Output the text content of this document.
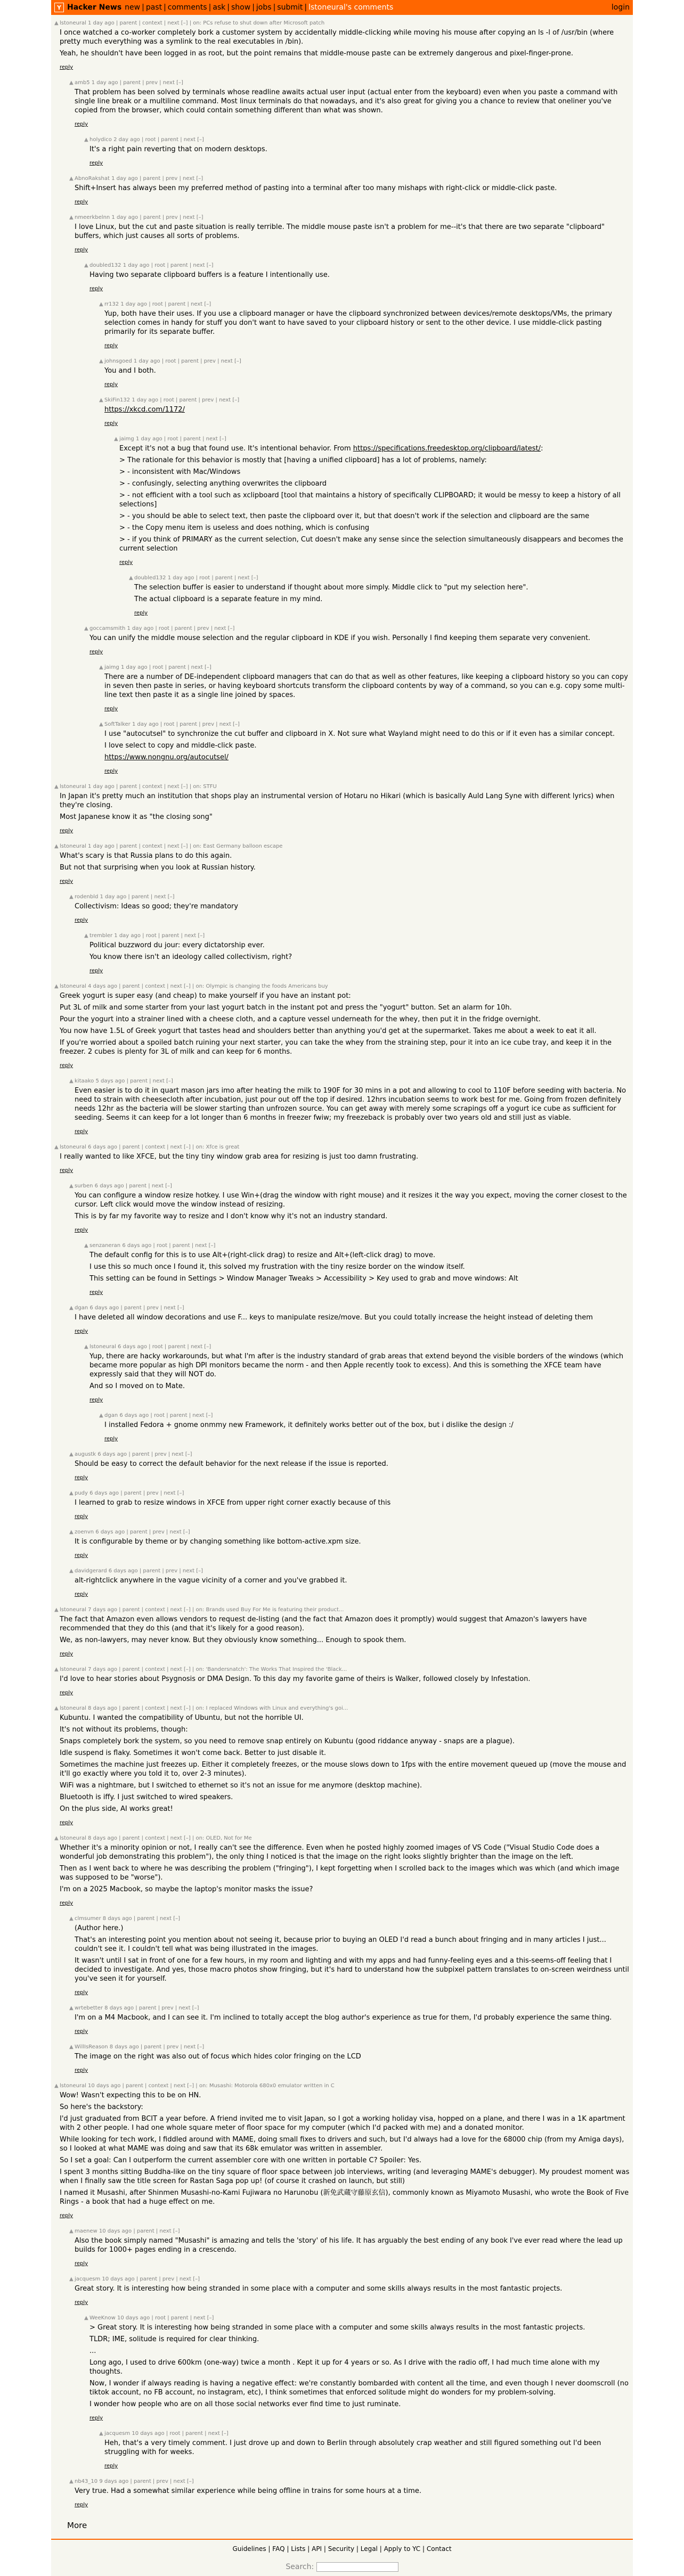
Y Hacker News new | past | comments | ask | show | jobs | submit | lstoneural's comments	login
▲ lstoneural 1 day ago | parent | context | next [–] | on: PCs refuse to shut down after Microsoft patch

I once watched a co-worker completely bork a customer system by accidentally middle-clicking while moving his mouse after copying an ls -l of /usr/bin (where pretty much everything was a symlink to the real executables in /bin).

Yeah, he shouldn't have been logged in as root, but the point remains that middle-mouse paste can be extremely dangerous and pixel-finger-prone.

reply
▲ amb5 1 day ago | parent | prev | next [–]

That problem has been solved by terminals whose readline awaits actual user input (actual enter from the keyboard) even when you paste a command with single line break or a multiline command. Most linux terminals do that nowadays, and it's also great for giving you a chance to review that oneliner you've copied from the browser, which could contain something different than what was shown.

reply
▲ holydico 2 day ago | root | parent | next [–]

It's a right pain reverting that on modern desktops.

reply
▲ AbnoRakshat 1 day ago | parent | prev | next [–]

Shift+Insert has always been my preferred method of pasting into a terminal after too many mishaps with right-click or middle-click paste.

reply
▲ nmeerkbelnn 1 day ago | parent | prev | next [–]

I love Linux, but the cut and paste situation is really terrible. The middle mouse paste isn't a problem for me--it's that there are two separate "clipboard" buffers, which just causes all sorts of problems.

reply
▲ doubled132 1 day ago | root | parent | next [–]

Having two separate clipboard buffers is a feature I intentionally use.

reply
▲ rr132 1 day ago | root | parent | next [–]

Yup, both have their uses. If you use a clipboard manager or have the clipboard synchronized between devices/remote desktops/VMs, the primary selection comes in handy for stuff you don't want to have saved to your clipboard history or sent to the other device. I use middle-click pasting primarily for its separate buffer.

reply
▲ johnsgoed 1 day ago | root | parent | prev | next [–]

You and I both.

reply
▲ SkiFin132 1 day ago | root | parent | prev | next [–]

https://xkcd.com/1172/

reply
▲ jaimg 1 day ago | root | parent | next [–]

Except it's not a bug that found use. It's intentional behavior. From https://specifications.freedesktop.org/clipboard/latest/:

> The rationale for this behavior is mostly that [having a unified clipboard] has a lot of problems, namely:

> - inconsistent with Mac/Windows

> - confusingly, selecting anything overwrites the clipboard

> - not efficient with a tool such as xclipboard [tool that maintains a history of specifically CLIPBOARD; it would be messy to keep a history of all selections]

> - you should be able to select text, then paste the clipboard over it, but that doesn't work if the selection and clipboard are the same

> - the Copy menu item is useless and does nothing, which is confusing

> - if you think of PRIMARY as the current selection, Cut doesn't make any sense since the selection simultaneously disappears and becomes the current selection

reply
▲ doubled132 1 day ago | root | parent | next [–]

The selection buffer is easier to understand if thought about more simply. Middle click to "put my selection here".

The actual clipboard is a separate feature in my mind.

reply
▲ goccamsmith 1 day ago | root | parent | prev | next [–]

You can unify the middle mouse selection and the regular clipboard in KDE if you wish. Personally I find keeping them separate very convenient.

reply
▲ jaimg 1 day ago | root | parent | next [–]

There are a number of DE-independent clipboard managers that can do that as well as other features, like keeping a clipboard history so you can copy in seven then paste in series, or having keyboard shortcuts transform the clipboard contents by way of a command, so you can e.g. copy some multi-line text then paste it as a single line joined by spaces.

reply
▲ SoftTalker 1 day ago | root | parent | prev | next [–]

I use "autocutsel" to synchronize the cut buffer and clipboard in X. Not sure what Wayland might need to do this or if it even has a similar concept.

I love select to copy and middle-click paste.

https://www.nongnu.org/autocutsel/

reply
▲ lstoneural 1 day ago | parent | context | next [–] | on: STFU

In Japan it's pretty much an institution that shops play an instrumental version of Hotaru no Hikari (which is basically Auld Lang Syne with different lyrics) when they're closing.

Most Japanese know it as "the closing song"

reply
▲ lstoneural 1 day ago | parent | context | next [–] | on: East Germany balloon escape

What's scary is that Russia plans to do this again.

But not that surprising when you look at Russian history.

reply
▲ rodenbld 1 day ago | parent | next [–]

Collectivism: Ideas so good; they're mandatory

reply
▲ trembler 1 day ago | root | parent | next [–]

Political buzzword du jour: every dictatorship ever.

You know there isn't an ideology called collectivism, right?

reply
▲ lstoneural 4 days ago | parent | context | next [–] | on: Olympic is changing the foods Americans buy

Greek yogurt is super easy (and cheap) to make yourself if you have an instant pot:

Put 3L of milk and some starter from your last yogurt batch in the instant pot and press the "yogurt" button. Set an alarm for 10h.

Pour the yogurt into a strainer lined with a cheese cloth, and a capture vessel underneath for the whey, then put it in the fridge overnight.

You now have 1.5L of Greek yogurt that tastes head and shoulders better than anything you'd get at the supermarket. Takes me about a week to eat it all.

If you're worried about a spoiled batch ruining your next starter, you can take the whey from the straining step, pour it into an ice cube tray, and keep it in the freezer. 2 cubes is plenty for 3L of milk and can keep for 6 months.

reply
▲ kitaako 5 days ago | parent | next [–]

Even easier is to do it in quart mason jars imo after heating the milk to 190F for 30 mins in a pot and allowing to cool to 110F before seeding with bacteria. No need to strain with cheesecloth after incubation, just pour out off the top if desired. 12hrs incubation seems to work best for me. Going from frozen definitely needs 12hr as the bacteria will be slower starting than unfrozen source. You can get away with merely some scrapings off a yogurt ice cube as sufficient for seeding. Seems it can keep for a lot longer than 6 months in freezer fwiw; my freezeback is probably over two years old and still just as viable.

reply
▲ lstoneural 6 days ago | parent | context | next [–] | on: Xfce is great

I really wanted to like XFCE, but the tiny tiny window grab area for resizing is just too damn frustrating.

reply
▲ surben 6 days ago | parent | next [–]

You can configure a window resize hotkey. I use Win+(drag the window with right mouse) and it resizes it the way you expect, moving the corner closest to the cursor. Left click would move the window instead of resizing.

This is by far my favorite way to resize and I don't know why it's not an industry standard.

reply
▲ senzaneran 6 days ago | root | parent | next [–]

The default config for this is to use Alt+(right-click drag) to resize and Alt+(left-click drag) to move.

I use this so much once I found it, this solved my frustration with the tiny resize border on the window itself.

This setting can be found in Settings > Window Manager Tweaks > Accessibility > Key used to grab and move windows: Alt

reply
▲ dgan 6 days ago | parent | prev | next [–]

I have deleted all window decorations and use F... keys to manipulate resize/move. But you could totally increase the height instead of deleting them

reply
▲ lstoneural 6 days ago | root | parent | next [–]

Yup, there are hacky workarounds, but what I'm after is the industry standard of grab areas that extend beyond the visible borders of the windows (which became more popular as high DPI monitors became the norm - and then Apple recently took to excess). And this is something the XFCE team have expressly said that they will NOT do.

And so I moved on to Mate.

reply
▲ dgan 6 days ago | root | parent | next [–]

I installed Fedora + gnome onmmy new Framework, it definitely works better out of the box, but i dislike the design :/

reply
▲ augustk 6 days ago | parent | prev | next [–]

Should be easy to correct the default behavior for the next release if the issue is reported.

reply
▲ pudy 6 days ago | parent | prev | next [–]

I learned to grab to resize windows in XFCE from upper right corner exactly because of this

reply
▲ zoenvn 6 days ago | parent | prev | next [–]

It is configurable by theme or by changing something like bottom-active.xpm size.

reply
▲ davidgerard 6 days ago | parent | prev | next [–]

alt-rightclick anywhere in the vague vicinity of a corner and you've grabbed it.

reply
▲ lstoneural 7 days ago | parent | context | next [–] | on: Brands used Buy For Me is featuring their product...

The fact that Amazon even allows vendors to request de-listing (and the fact that Amazon does it promptly) would suggest that Amazon's lawyers have recommended that they do this (and that it's likely for a good reason).

We, as non-lawyers, may never know. But they obviously know something... Enough to spook them.

reply
▲ lstoneural 7 days ago | parent | context | next [–] | on: 'Bandersnatch': The Works That Inspired the 'Black...

I'd love to hear stories about Psygnosis or DMA Design. To this day my favorite game of theirs is Walker, followed closely by Infestation.

reply
▲ lstoneural 8 days ago | parent | context | next [–] | on: I replaced Windows with Linux and everything's goi...

Kubuntu. I wanted the compatibility of Ubuntu, but not the horrible UI.

It's not without its problems, though:

Snaps completely bork the system, so you need to remove snap entirely on Kubuntu (good riddance anyway - snaps are a plague).

Idle suspend is flaky. Sometimes it won't come back. Better to just disable it.

Sometimes the machine just freezes up. Either it completely freezes, or the mouse slows down to 1fps with the entire movement queued up (move the mouse and it'll go exactly where you told it to, over 2-3 minutes).

WiFi was a nightmare, but I switched to ethernet so it's not an issue for me anymore (desktop machine).

Bluetooth is iffy. I just switched to wired speakers.

On the plus side, AI works great!

reply
▲ lstoneural 8 days ago | parent | context | next [–] | on: OLED, Not for Me

Whether it's a minority opinion or not, I really can't see the difference. Even when he posted highly zoomed images of VS Code ("Visual Studio Code does a wonderful job demonstrating this problem"), the only thing I noticed is that the image on the right looks slightly brighter than the image on the left.

Then as I went back to where he was describing the problem ("fringing"), I kept forgetting when I scrolled back to the images which was which (and which image was supposed to be "worse").

I'm on a 2025 Macbook, so maybe the laptop's monitor masks the issue?

reply
▲ clmsumer 8 days ago | parent | next [–]

(Author here.)

That's an interesting point you mention about not seeing it, because prior to buying an OLED I'd read a bunch about fringing and in many articles I just... couldn't see it. I couldn't tell what was being illustrated in the images.

It wasn't until I sat in front of one for a few hours, in my room and lighting and with my apps and had funny-feeling eyes and a this-seems-off feeling that I decided to investigate. And yes, those macro photos show fringing, but it's hard to understand how the subpixel pattern translates to on-screen weirdness until you've seen it for yourself.

reply
▲ wrtebetter 8 days ago | parent | prev | next [–]

I'm on a M4 Macbook, and I can see it. I'm inclined to totally accept the blog author's experience as true for them, I'd probably experience the same thing.

reply
▲ WillIsReason 8 days ago | parent | prev | next [–]

The image on the right was also out of focus which hides color fringing on the LCD

reply
▲ lstoneural 10 days ago | parent | context | next [–] | on: Musashi: Motorola 680x0 emulator written in C

Wow! Wasn't expecting this to be on HN.

So here's the backstory:

I'd just graduated from BCIT a year before. A friend invited me to visit Japan, so I got a working holiday visa, hopped on a plane, and there I was in a 1K apartment with 2 other people. I had one whole square meter of floor space for my computer (which I'd packed with me) and a donated monitor.

While looking for tech work, I fiddled around with MAME, doing small fixes to drivers and such, but I'd always had a love for the 68000 chip (from my Amiga days), so I looked at what MAME was doing and saw that its 68k emulator was written in assembler.

So I set a goal: Can I outperform the current assembler core with one written in portable C? Spoiler: Yes.

I spent 3 months sitting Buddha-like on the tiny square of floor space between job interviews, writing (and leveraging MAME's debugger). My proudest moment was when I finally saw the title screen for Rastan Saga pop up! (of course it crashed on launch, but still)

I named it Musashi, after Shinmen Musashi-no-Kami Fujiwara no Harunobu (新免武蔵守藤原玄信), commonly known as Miyamoto Musashi, who wrote the Book of Five Rings - a book that had a huge effect on me.

reply
▲ maenew 10 days ago | parent | next [–]

Also the book simply named "Musashi" is amazing and tells the 'story' of his life. It has arguably the best ending of any book I've ever read where the lead up builds for 1000+ pages ending in a crescendo.

reply
▲ jacquesm 10 days ago | parent | prev | next [–]

Great story. It is interesting how being stranded in some place with a computer and some skills always results in the most fantastic projects.

reply
▲ WeeKnow 10 days ago | root | parent | next [–]

> Great story. It is interesting how being stranded in some place with a computer and some skills always results in the most fantastic projects.

TLDR; IME, solitude is required for clear thinking.

...

Long ago, I used to drive 600km (one-way) twice a month . Kept it up for 4 years or so. As I drive with the radio off, I had much time alone with my thoughts.

Now, I wonder if always reading is having a negative effect: we're constantly bombarded with content all the time, and even though I never doomscroll (no tiktok account, no FB account, no instagram, etc), I think sometimes that enforced solitude might do wonders for my problem-solving.

I wonder how people who are on all those social networks ever find time to just ruminate.

reply
▲ jacquesm 10 days ago | root | parent | next [–]

Heh, that's a very timely comment. I just drove up and down to Berlin through absolutely crap weather and still figured something out I'd been struggling with for weeks.

reply
▲ nb43_10 9 days ago | parent | prev | next [–]

Very true. Had a somewhat similar experience while being offline in trains for some hours at a time.

reply
More
Guidelines | FAQ | Lists | API | Security | Legal | Apply to YC | Contact
Search:
